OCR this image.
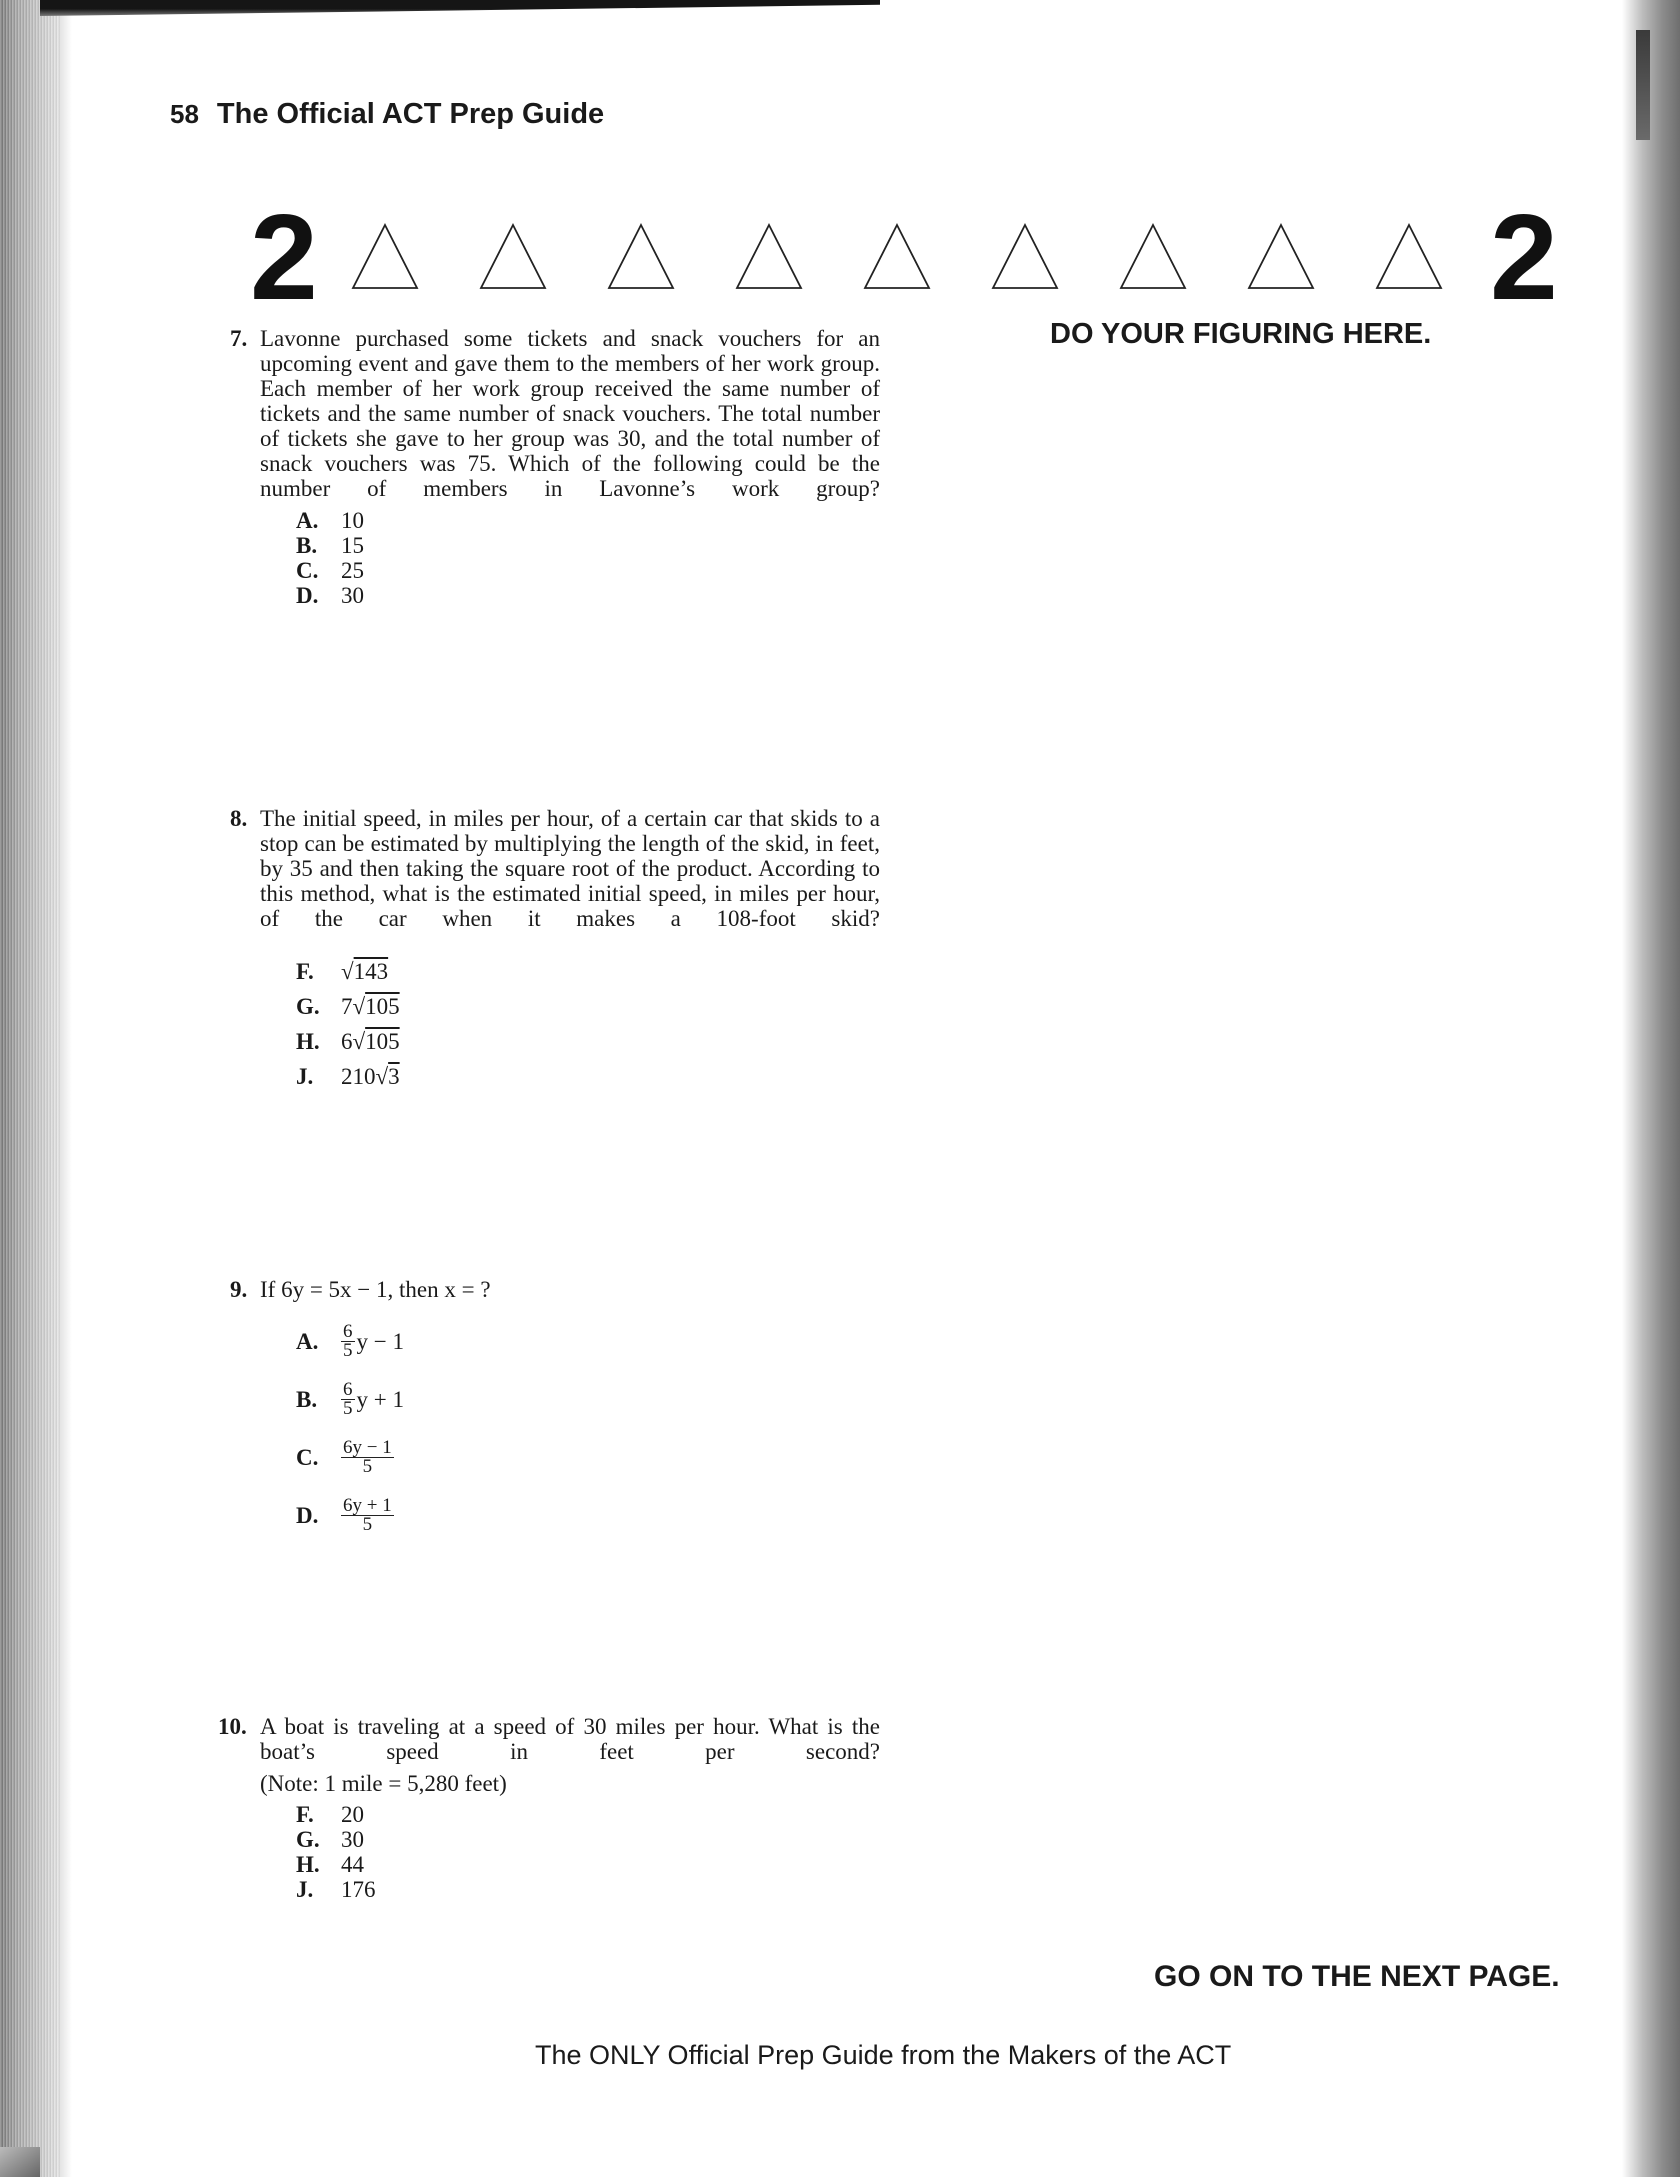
58 The Official ACT Prep Guide
2	2
DO YOUR FIGURING HERE.
7. Lavonne purchased some tickets and snack vouchers for an upcoming event and gave them to the members of her work group. Each member of her work group received the same number of tickets and the same number of snack vouchers. The total number of tickets she gave to her group was 30, and the total number of snack vouchers was 75. Which of the following could be the number of members in Lavonne’s work group?
A. 10
B.	15
C. 25
D. 30
8. The initial speed, in miles per hour, of a certain car that skids to a stop can be estimated by multiplying the length of the skid, in feet, by 35 and then taking the square root of the product. According to this method, what is the estimated initial speed, in miles per hour, of the car when it makes a 108-foot skid?
F.	√ 143
G. 7 √ 105
H. 6 √ 105
J.	210 √ 3
9. If 6y = 5x − 1, then x = ?
A.	$\frac{6}{5}$ y − 1
B.	$\frac{6}{5}$ y + 1
C.	$\frac{6y - 1}{5}$
D.	$\frac{6y + 1}{5}$
10. A boat is traveling at a speed of 30 miles per hour. What is the boat’s speed in feet per second?
(Note: 1 mile = 5,280 feet)
F.	20
G. 30
H. 44
J.	176
GO ON TO THE NEXT PAGE.
The ONLY Official Prep Guide from the Makers of the ACT
